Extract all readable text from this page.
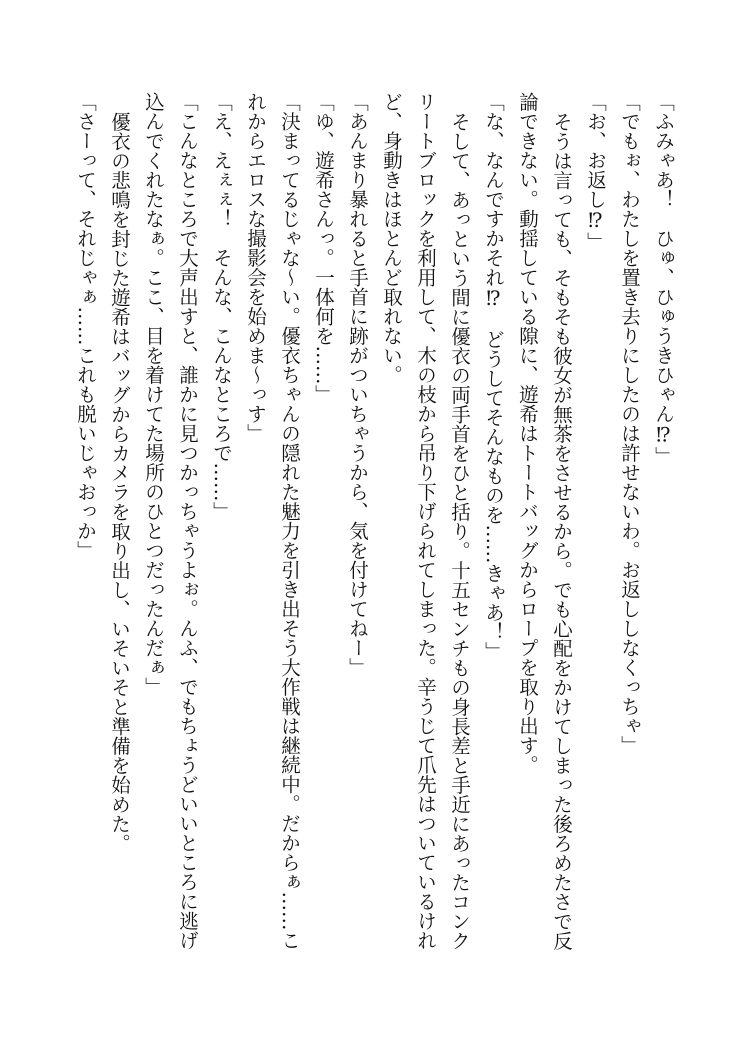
「ふみゃあ！　ひゅ、ひゅうきひゃん⁉」

「でもぉ、わたしを置き去りにしたのは許せないわ。お返ししなくっちゃ」

「お、お返し⁉」

そうは言っても、そもそも彼女が無茶をさせるから。でも心配をかけてしまった後ろめたさで反論できない。動揺している隙に、遊希はトートバッグからロープを取り出す。

「な、なんですかそれ⁉　どうしてそんなものを……きゃあ！」

そして、あっという間に優衣の両手首をひと括り。十五センチもの身長差と手近にあったコンクリートブロックを利用して、木の枝から吊り下げられてしまった。辛うじて爪先はついているけれど、身動きはほとんど取れない。

「あんまり暴れると手首に跡がついちゃうから、気を付けてねー」

「ゆ、遊希さんっ。一体何を……」

「決まってるじゃな～い。優衣ちゃんの隠れた魅力を引き出そう大作戦は継続中。だからぁ……これからエロスな撮影会を始めま～っす」

「え、えぇぇ！　そんな、こんなところで……」

「こんなところで大声出すと、誰かに見つかっちゃうよぉ。んふ、でもちょうどいいところに逃げ込んでくれたなぁ。ここ、目を着けてた場所のひとつだったんだぁ」

優衣の悲鳴を封じた遊希はバッグからカメラを取り出し、いそいそと準備を始めた。

「さーって、それじゃぁ……これも脱いじゃおっか」
